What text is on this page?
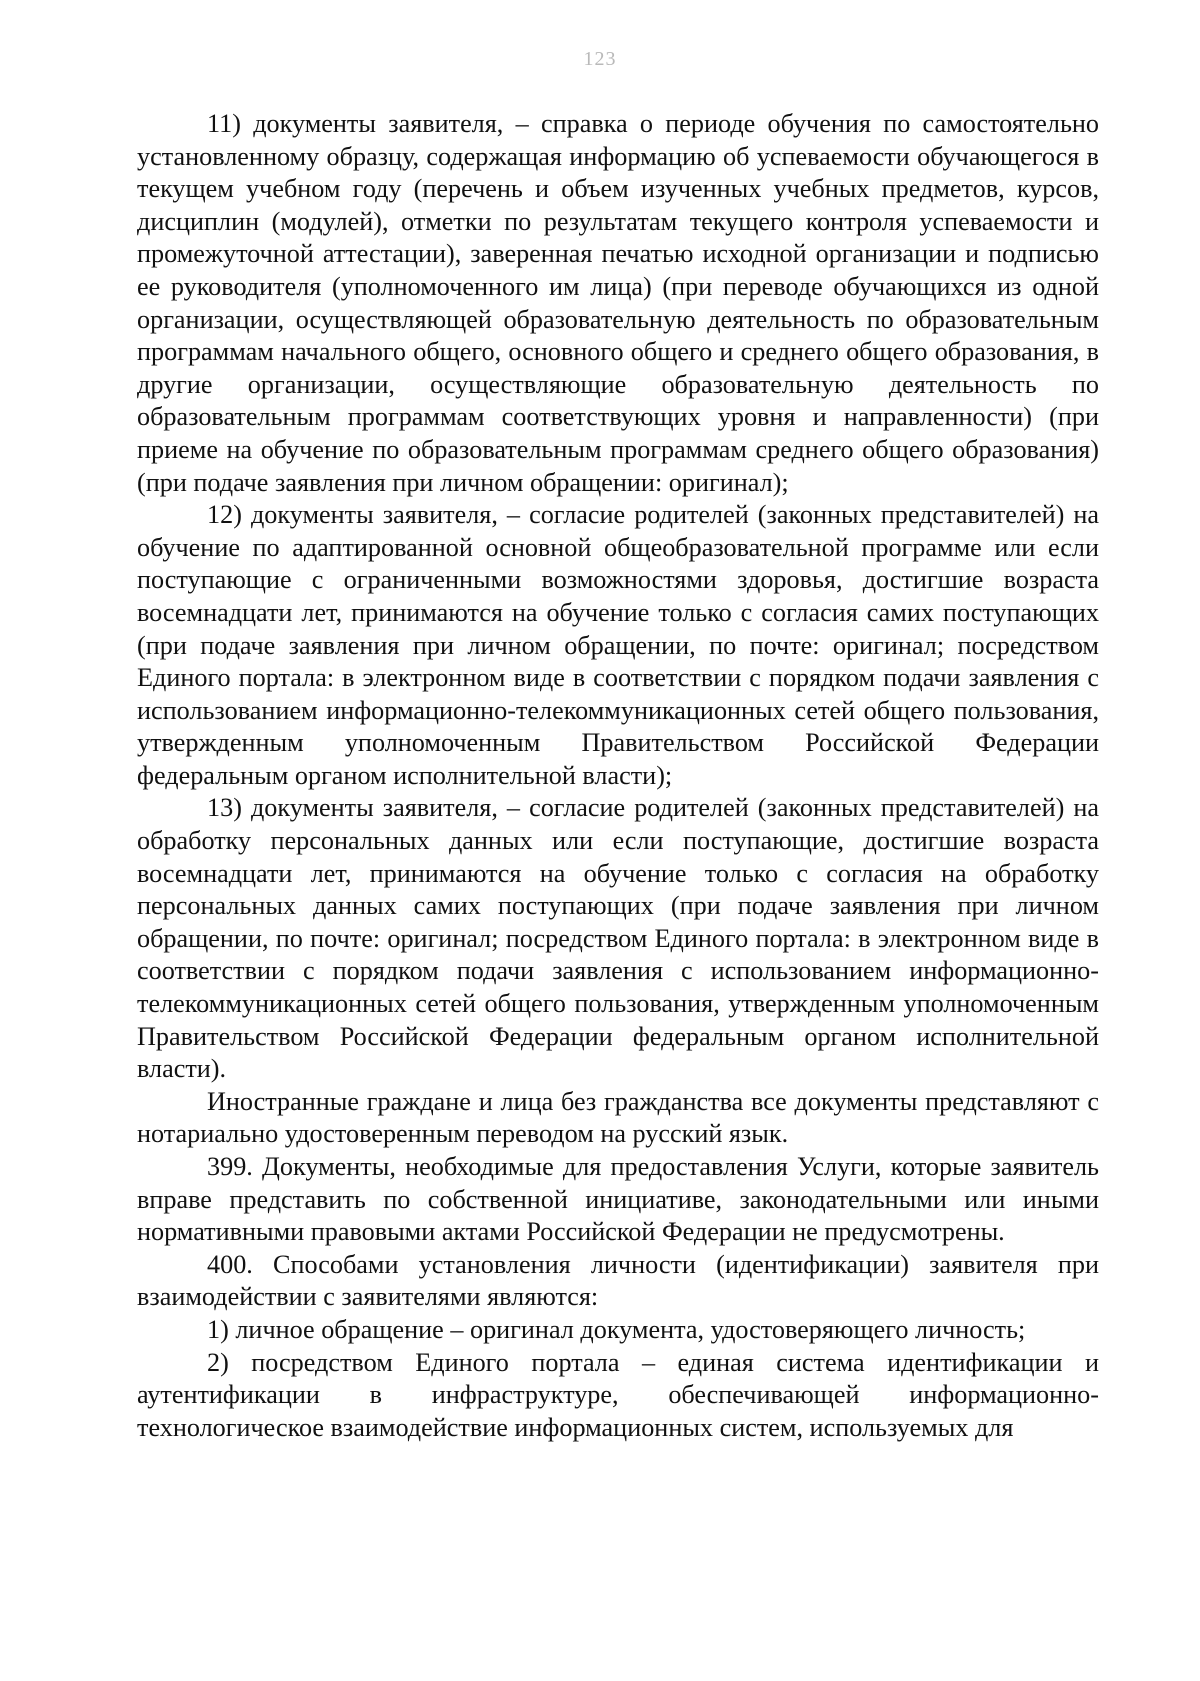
123

11) документы заявителя, – справка о периоде обучения по самостоятельно установленному образцу, содержащая информацию об успеваемости обучающегося в текущем учебном году (перечень и объем изученных учебных предметов, курсов, дисциплин (модулей), отметки по результатам текущего контроля успеваемости и промежуточной аттестации), заверенная печатью исходной организации и подписью ее руководителя (уполномоченного им лица) (при переводе обучающихся из одной организации, осуществляющей образовательную деятельность по образовательным программам начального общего, основного общего и среднего общего образования, в другие организации, осуществляющие образовательную деятельность по образовательным программам соответствующих уровня и направленности) (при приеме на обучение по образовательным программам среднего общего образования) (при подаче заявления при личном обращении: оригинал);

12) документы заявителя, – согласие родителей (законных представителей) на обучение по адаптированной основной общеобразовательной программе или если поступающие с ограниченными возможностями здоровья, достигшие возраста восемнадцати лет, принимаются на обучение только с согласия самих поступающих (при подаче заявления при личном обращении, по почте: оригинал; посредством Единого портала: в электронном виде в соответствии с порядком подачи заявления с использованием информационно-телекоммуникационных сетей общего пользования, утвержденным уполномоченным Правительством Российской Федерации федеральным органом исполнительной власти);

13) документы заявителя, – согласие родителей (законных представителей) на обработку персональных данных или если поступающие, достигшие возраста восемнадцати лет, принимаются на обучение только с согласия на обработку персональных данных самих поступающих (при подаче заявления при личном обращении, по почте: оригинал; посредством Единого портала: в электронном виде в соответствии с порядком подачи заявления с использованием информационно-телекоммуникационных сетей общего пользования, утвержденным уполномоченным Правительством Российской Федерации федеральным органом исполнительной власти).

Иностранные граждане и лица без гражданства все документы представляют с нотариально удостоверенным переводом на русский язык.

399. Документы, необходимые для предоставления Услуги, которые заявитель вправе представить по собственной инициативе, законодательными или иными нормативными правовыми актами Российской Федерации не предусмотрены.

400. Способами установления личности (идентификации) заявителя при взаимодействии с заявителями являются:

1) личное обращение – оригинал документа, удостоверяющего личность;

2) посредством Единого портала – единая система идентификации и аутентификации в инфраструктуре, обеспечивающей информационно-технологическое взаимодействие информационных систем, используемых для
